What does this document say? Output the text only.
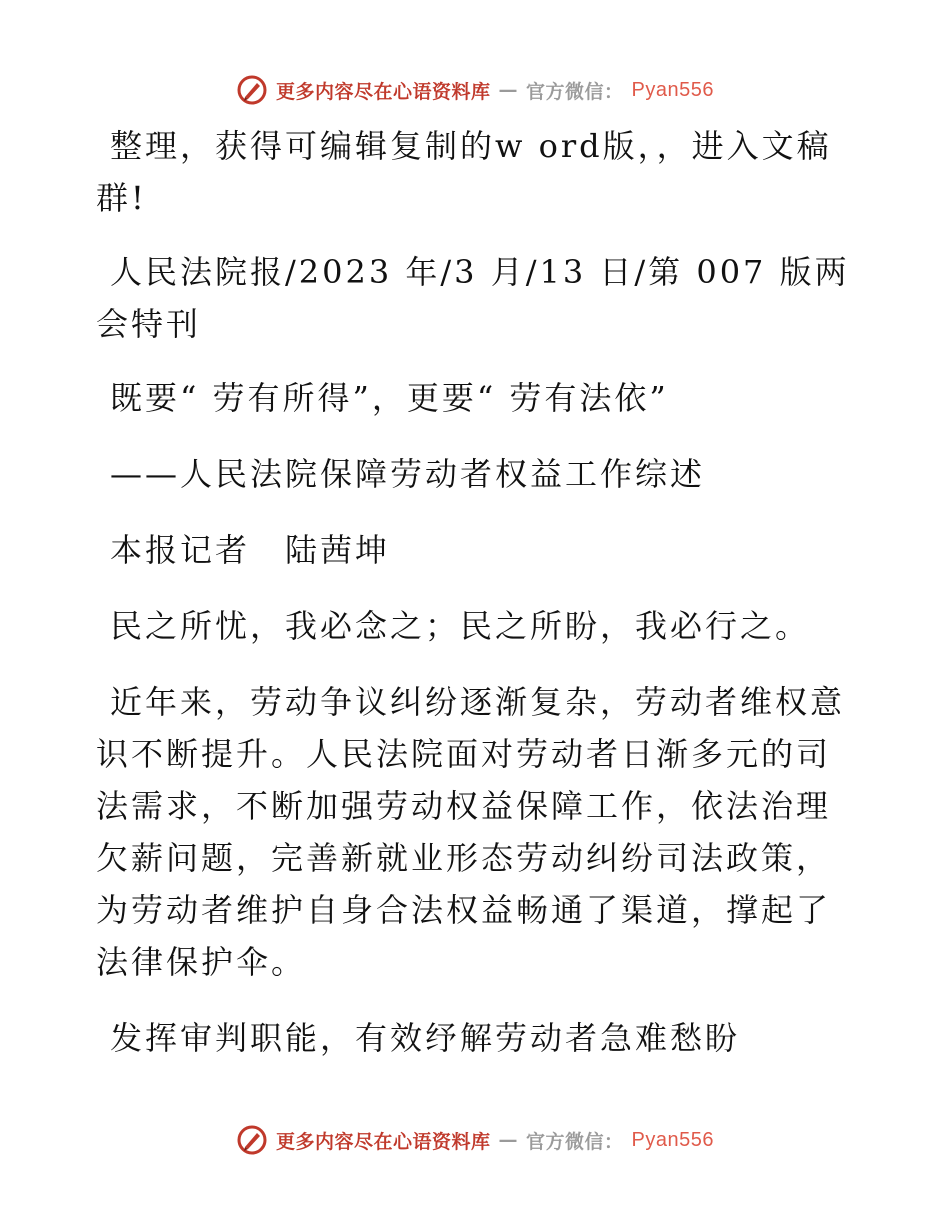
更多内容尽在心语资料库 — 官方微信： Pyan556

整理，获得可编辑复制的w ord版，，进入文稿群!

人民法院报/2023 年/3 月/13 日/第 007 版两会特刊

既要“ 劳有所得”，更要“ 劳有法依”

——人民法院保障劳动者权益工作综述

本报记者　陆茜坤

民之所忧，我必念之；民之所盼，我必行之。

近年来，劳动争议纠纷逐渐复杂，劳动者维权意识不断提升。人民法院面对劳动者日渐多元的司法需求，不断加强劳动权益保障工作，依法治理欠薪问题，完善新就业形态劳动纠纷司法政策，为劳动者维护自身合法权益畅通了渠道，撑起了法律保护伞。

发挥审判职能，有效纾解劳动者急难愁盼

更多内容尽在心语资料库 — 官方微信： Pyan556
